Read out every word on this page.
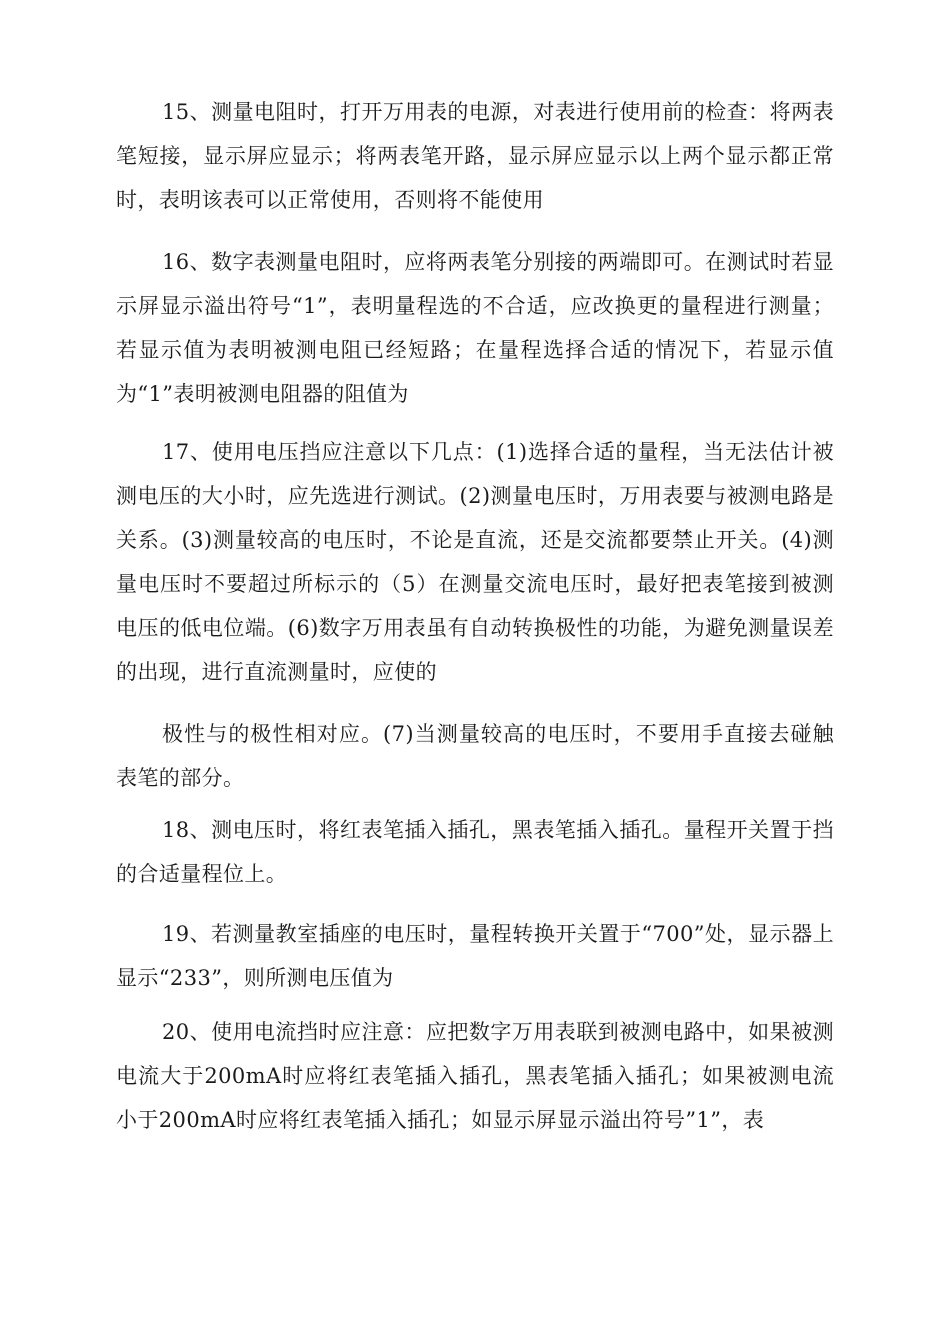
15、测量电阻时，打开万用表的电源，对表进行使用前的检查：将两表笔短接，显示屏应显示；将两表笔开路，显示屏应显示以上两个显示都正常时，表明该表可以正常使用，否则将不能使用

16、数字表测量电阻时，应将两表笔分别接的两端即可。在测试时若显示屏显示溢出符号“1”，表明量程选的不合适，应改换更的量程进行测量；若显示值为表明被测电阻已经短路；在量程选择合适的情况下，若显示值为“1”表明被测电阻器的阻值为

17、使用电压挡应注意以下几点：(1)选择合适的量程，当无法估计被测电压的大小时，应先选进行测试。(2)测量电压时，万用表要与被测电路是关系。(3)测量较高的电压时，不论是直流，还是交流都要禁止开关。(4)测量电压时不要超过所标示的（5）在测量交流电压时，最好把表笔接到被测电压的低电位端。(6)数字万用表虽有自动转换极性的功能，为避免测量误差的出现，进行直流测量时，应使的

极性与的极性相对应。(7)当测量较高的电压时，不要用手直接去碰触表笔的部分。

18、测电压时，将红表笔插入插孔，黑表笔插入插孔。量程开关置于挡的合适量程位上。

19、若测量教室插座的电压时，量程转换开关置于“700”处，显示器上显示“233”，则所测电压值为

20、使用电流挡时应注意：应把数字万用表联到被测电路中，如果被测电流大于200mA时应将红表笔插入插孔，黑表笔插入插孔；如果被测电流小于200mA时应将红表笔插入插孔；如显示屏显示溢出符号”1”，表
